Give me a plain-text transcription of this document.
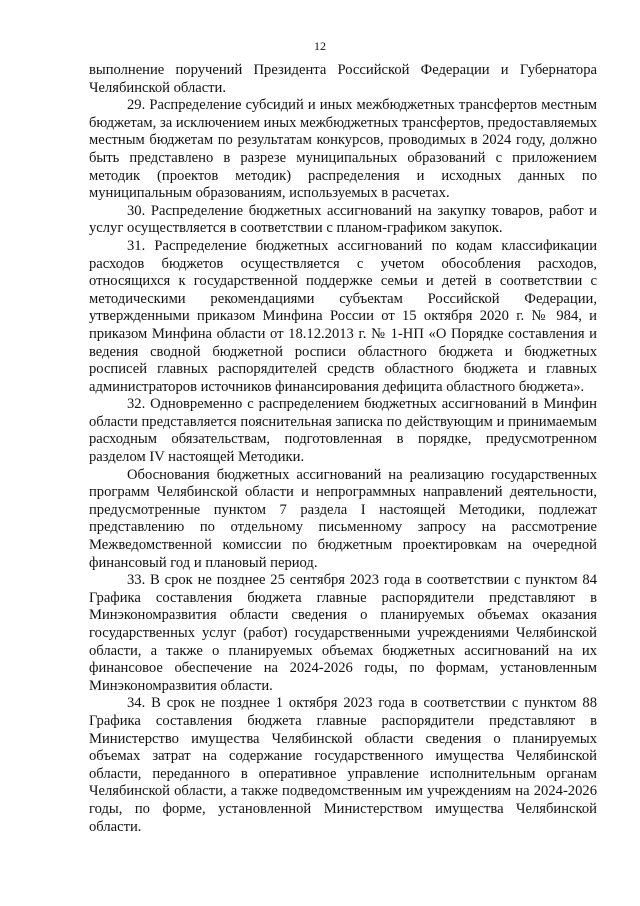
12

выполнение поручений Президента Российской Федерации и Губернатора Челябинской области.

29. Распределение субсидий и иных межбюджетных трансфертов местным бюджетам, за исключением иных межбюджетных трансфертов, предоставляемых местным бюджетам по результатам конкурсов, проводимых в 2024 году, должно быть представлено в разрезе муниципальных образований с приложением методик (проектов методик) распределения и исходных данных по муниципальным образованиям, используемых в расчетах.

30. Распределение бюджетных ассигнований на закупку товаров, работ и услуг осуществляется в соответствии с планом-графиком закупок.

31. Распределение бюджетных ассигнований по кодам классификации расходов бюджетов осуществляется с учетом обособления расходов, относящихся к государственной поддержке семьи и детей в соответствии с методическими рекомендациями субъектам Российской Федерации, утвержденными приказом Минфина России от 15 октября 2020 г. № 984, и приказом Минфина области от 18.12.2013 г. № 1-НП «О Порядке составления и ведения сводной бюджетной росписи областного бюджета и бюджетных росписей главных распорядителей средств областного бюджета и главных администраторов источников финансирования дефицита областного бюджета».

32. Одновременно с распределением бюджетных ассигнований в Минфин области представляется пояснительная записка по действующим и принимаемым расходным обязательствам, подготовленная в порядке, предусмотренном разделом IV настоящей Методики.

Обоснования бюджетных ассигнований на реализацию государственных программ Челябинской области и непрограммных направлений деятельности, предусмотренные пунктом 7 раздела I настоящей Методики, подлежат представлению по отдельному письменному запросу на рассмотрение Межведомственной комиссии по бюджетным проектировкам на очередной финансовый год и плановый период.

33. В срок не позднее 25 сентября 2023 года в соответствии с пунктом 84 Графика составления бюджета главные распорядители представляют в Минэкономразвития области сведения о планируемых объемах оказания государственных услуг (работ) государственными учреждениями Челябинской области, а также о планируемых объемах бюджетных ассигнований на их финансовое обеспечение на 2024-2026 годы, по формам, установленным Минэкономразвития области.

34. В срок не позднее 1 октября 2023 года в соответствии с пунктом 88 Графика составления бюджета главные распорядители представляют в Министерство имущества Челябинской области сведения о планируемых объемах затрат на содержание государственного имущества Челябинской области, переданного в оперативное управление исполнительным органам Челябинской области, а также подведомственным им учреждениям на 2024-2026 годы, по форме, установленной Министерством имущества Челябинской области.
